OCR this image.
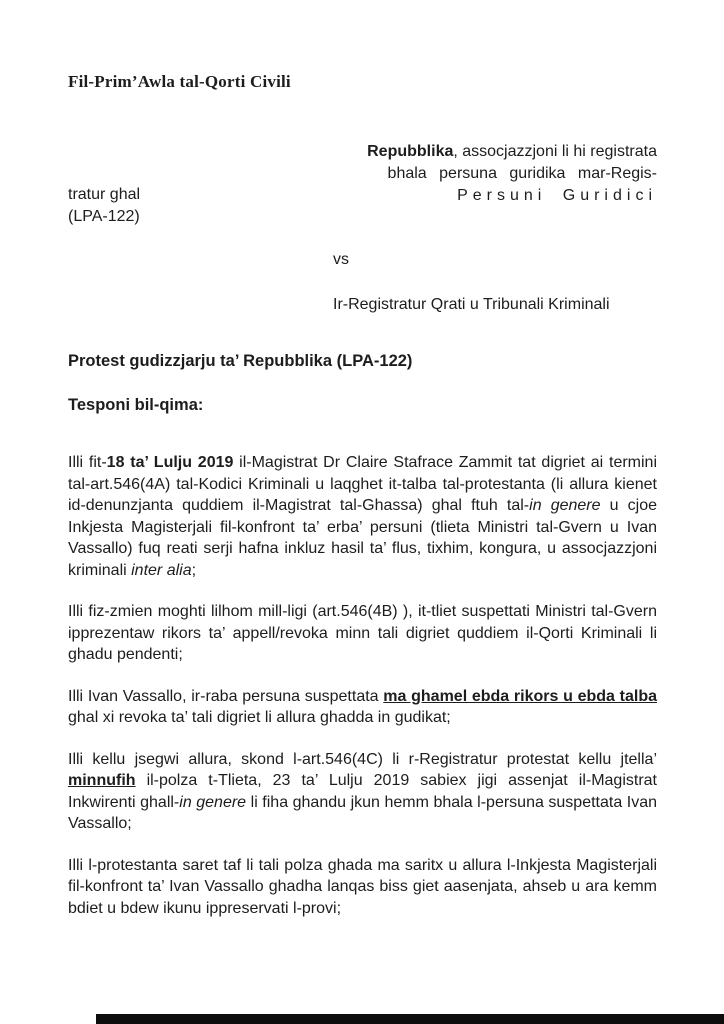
Fil-Prim’Awla tal-Qorti Civili
Repubblika, assocjazzjoni li hi registrata
bhala persuna guridika mar-Regis-
Persuni Guridici
tratur ghal
(LPA-122)
vs
Ir-Registratur Qrati u Tribunali Kriminali
Protest gudizzjarju ta’ Repubblika (LPA-122)
Tesponi bil-qima:

Illi fit-18 ta’ Lulju 2019 il-Magistrat Dr Claire Stafrace Zammit tat digriet ai termini tal-art.546(4A) tal-Kodici Kriminali u laqghet it-talba tal-protestanta (li allura kienet id-denunzjanta quddiem il-Magistrat tal-Ghassa) ghal ftuh tal-in genere u cjoe Inkjesta Magisterjali fil-konfront ta’ erba’ persuni (tlieta Ministri tal-Gvern u Ivan Vassallo) fuq reati serji hafna inkluz hasil ta’ flus, tixhim, kongura, u assocjazzjoni kriminali inter alia;

Illi fiz-zmien moghti lilhom mill-ligi (art.546(4B) ), it-tliet suspettati Ministri tal-Gvern ipprezentaw rikors ta’ appell/revoka minn tali digriet quddiem il-Qorti Kriminali li ghadu pendenti;

Illi Ivan Vassallo, ir-raba persuna suspettata ma ghamel ebda rikors u ebda talba ghal xi revoka ta’ tali digriet li allura ghadda in gudikat;

Illi kellu jsegwi allura, skond l-art.546(4C) li r-Registratur protestat kellu jtella’ minnufih il-polza t-Tlieta, 23 ta’ Lulju 2019 sabiex jigi assenjat il-Magistrat Inkwirenti ghall-in genere li fiha ghandu jkun hemm bhala l-persuna suspettata Ivan Vassallo;

Illi l-protestanta saret taf li tali polza ghada ma saritx u allura l-Inkjesta Magisterjali fil-konfront ta’ Ivan Vassallo ghadha lanqas biss giet aasenjata, ahseb u ara kemm bdiet u bdew ikunu ippreservati l-provi;
